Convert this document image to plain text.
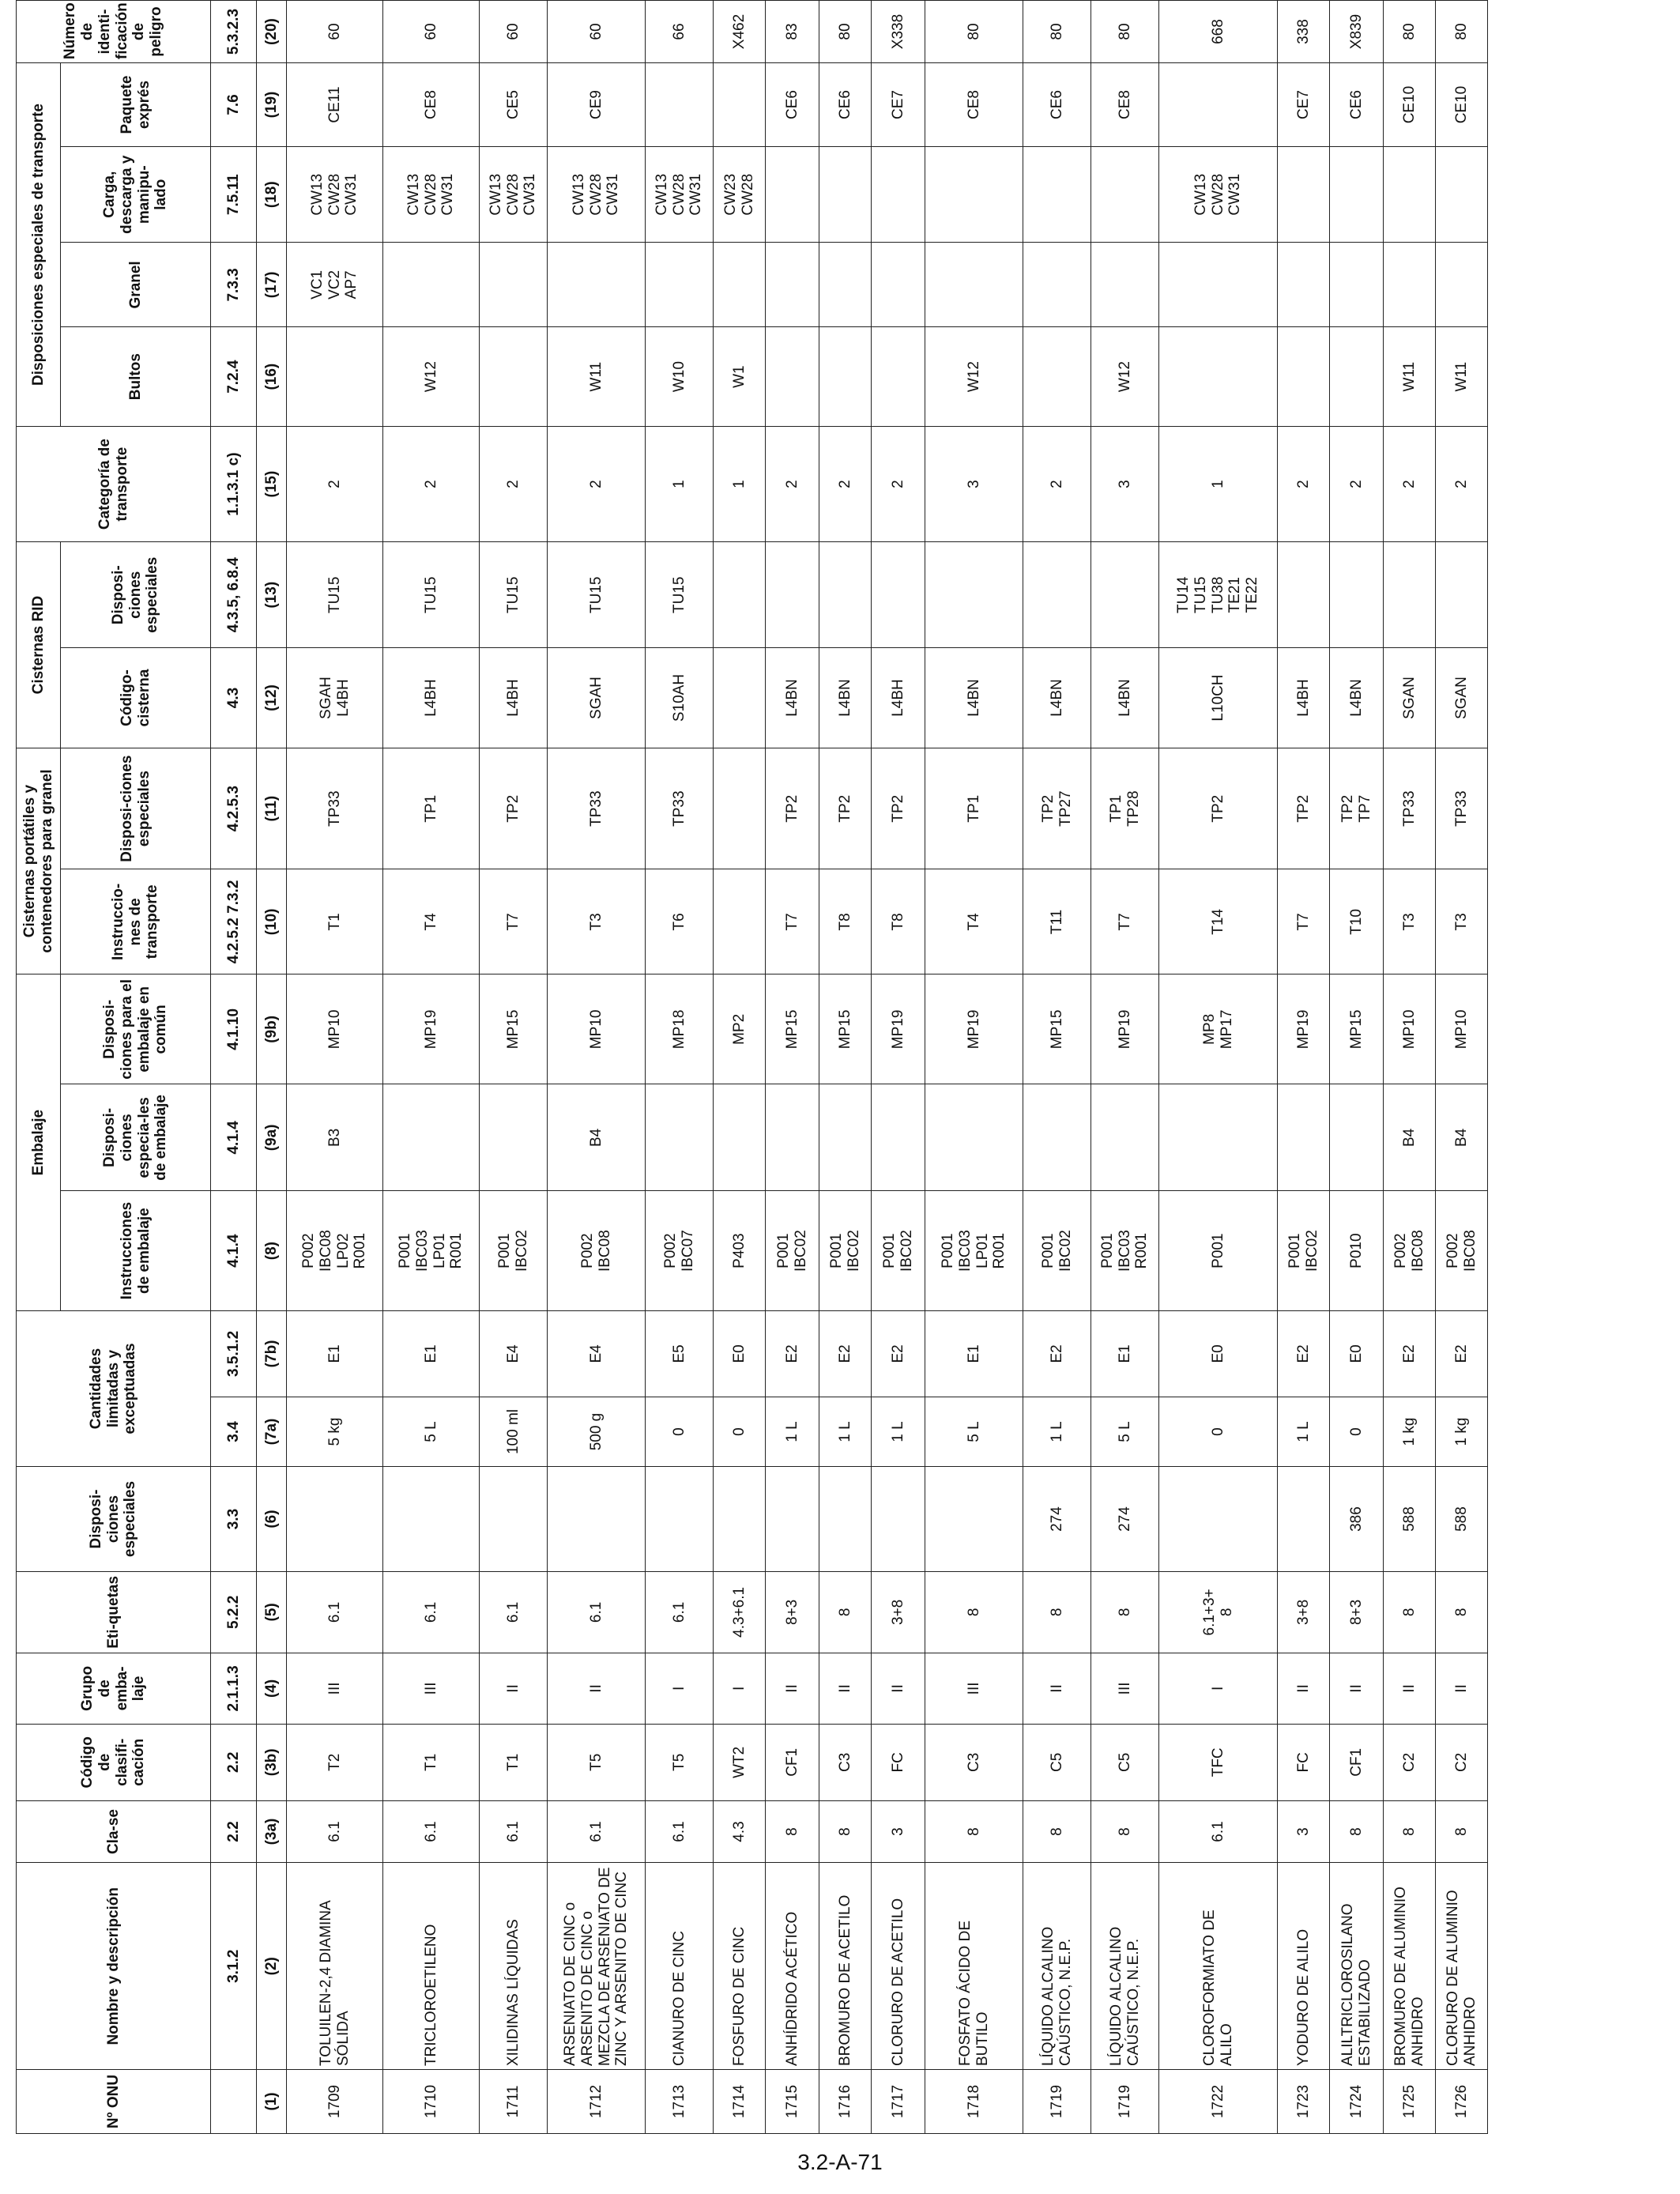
Nº ONU	Nombre y descripción	Cla-se	Código de clasifi-cación	Grupo de emba-laje	Eti-quetas	Disposi-ciones especiales	Cantidades limitadas y exceptuadas		Embalaje			Cisternas portátiles y contenedores para granel		Cisternas RID		Categoría de transporte	Disposiciones especiales de transporte				Número de identi-ficación de peligro
									Instrucciones de embalaje	Disposi-ciones especia-les de embalaje	Disposi-ciones para el embalaje en común	Instruccio-nes de transporte	Disposi-ciones especiales	Código-cisterna	Disposi-ciones especiales		Bultos	Granel	Carga, descarga y manipu-lado	Paquete exprés	
	3.1.2	2.2	2.2	2.1.1.3	5.2.2	3.3	3.4	3.5.1.2	4.1.4	4.1.4	4.1.10	4.2.5.2 7.3.2	4.2.5.3	4.3	4.3.5, 6.8.4	1.1.3.1 c)	7.2.4	7.3.3	7.5.11	7.6	5.3.2.3
(1)	(2)	(3a)	(3b)	(4)	(5)	(6)	(7a)	(7b)	(8)	(9a)	(9b)	(10)	(11)	(12)	(13)	(15)	(16)	(17)	(18)	(19)	(20)
1709	TOLUILEN-2,4 DIAMINA SÓLIDA	6.1	T2	III	6.1		5 kg	E1	P002 IBC08 LP02 R001	B3	MP10	T1	TP33	SGAH L4BH	TU15	2		VC1 VC2 AP7	CW13 CW28 CW31	CE11	60
1710	TRICLOROETILENO	6.1	T1	III	6.1		5 L	E1	P001 IBC03 LP01 R001		MP19	T4	TP1	L4BH	TU15	2	W12		CW13 CW28 CW31	CE8	60
1711	XILIDINAS LÍQUIDAS	6.1	T1	II	6.1		100 ml	E4	P001 IBC02		MP15	T7	TP2	L4BH	TU15	2			CW13 CW28 CW31	CE5	60
1712	ARSENIATO DE CINC o ARSENITO DE CINC o MEZCLA DE ARSENIATO DE ZINC Y ARSENITO DE CINC	6.1	T5	II	6.1		500 g	E4	P002 IBC08	B4	MP10	T3	TP33	SGAH	TU15	2	W11		CW13 CW28 CW31	CE9	60
1713	CIANURO DE CINC	6.1	T5	I	6.1		0	E5	P002 IBC07		MP18	T6	TP33	S10AH	TU15	1	W10		CW13 CW28 CW31		66
1714	FOSFURO DE CINC	4.3	WT2	I	4.3+6.1		0	E0	P403		MP2					1	W1		CW23 CW28		X462
1715	ANHÍDRIDO ACÉTICO	8	CF1	II	8+3		1 L	E2	P001 IBC02		MP15	T7	TP2	L4BN		2				CE6	83
1716	BROMURO DE ACETILO	8	C3	II	8		1 L	E2	P001 IBC02		MP15	T8	TP2	L4BN		2				CE6	80
1717	CLORURO DE ACETILO	3	FC	II	3+8		1 L	E2	P001 IBC02		MP19	T8	TP2	L4BH		2				CE7	X338
1718	FOSFATO ÁCIDO DE BUTILO	8	C3	III	8		5 L	E1	P001 IBC03 LP01 R001		MP19	T4	TP1	L4BN		3	W12			CE8	80
1719	LÍQUIDO ALCALINO CAÚSTICO, N.E.P.	8	C5	II	8	274	1 L	E2	P001 IBC02		MP15	T11	TP2 TP27	L4BN		2				CE6	80
1719	LÍQUIDO ALCALINO CAÚSTICO, N.E.P.	8	C5	III	8	274	5 L	E1	P001 IBC03 R001		MP19	T7	TP1 TP28	L4BN		3	W12			CE8	80
1722	CLOROFORMIATO DE ALILO	6.1	TFC	I	6.1+3+ 8		0	E0	P001		MP8 MP17	T14	TP2	L10CH	TU14 TU15 TU38 TE21 TE22	1			CW13 CW28 CW31		668
1723	YODURO DE ALILO	3	FC	II	3+8		1 L	E2	P001 IBC02		MP19	T7	TP2	L4BH		2				CE7	338
1724	ALILTRICLOROSILANO ESTABILIZADO	8	CF1	II	8+3	386	0	E0	P010		MP15	T10	TP2 TP7	L4BN		2				CE6	X839
1725	BROMURO DE ALUMINIO ANHIDRO	8	C2	II	8	588	1 kg	E2	P002 IBC08	B4	MP10	T3	TP33	SGAN		2	W11			CE10	80
1726	CLORURO DE ALUMINIO ANHIDRO	8	C2	II	8	588	1 kg	E2	P002 IBC08	B4	MP10	T3	TP33	SGAN		2	W11			CE10	80
3.2-A-71
